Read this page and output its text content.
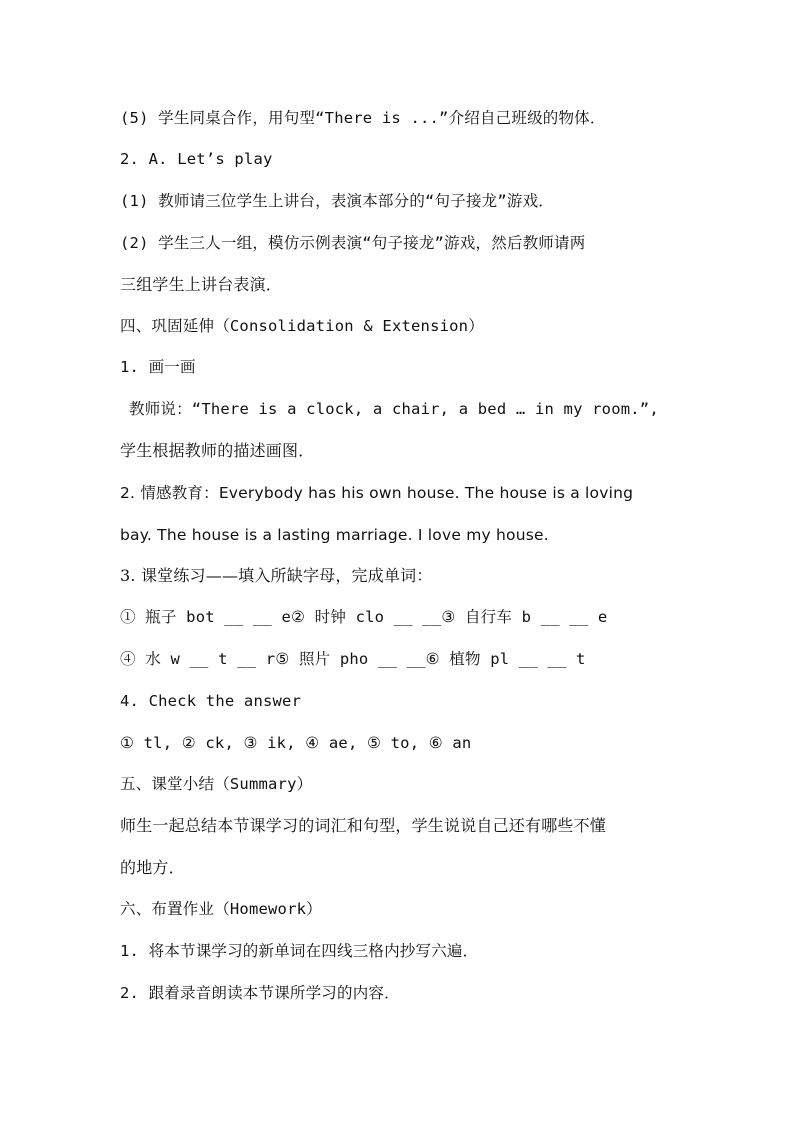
(5) 学生同桌合作，用句型“There is ...”介绍自己班级的物体．
2. A. Let’s play
(1) 教师请三位学生上讲台，表演本部分的“句子接龙”游戏．
(2) 学生三人一组，模仿示例表演“句子接龙”游戏，然后教师请两
三组学生上讲台表演．
四、巩固延伸（Consolidation & Extension）
1. 画一画
教师说：“There is a clock, a chair, a bed … in my room.”,
学生根据教师的描述画图．
2. 情感教育：Everybody has his own house. The house is a loving
bay. The house is a lasting marriage. I love my house.
3. 课堂练习——填入所缺字母，完成单词：
① 瓶子 bot __ __ e② 时钟 clo __ __③ 自行车 b __ __ e
④ 水 w __ t __ r⑤ 照片 pho __ __⑥ 植物 pl __ __ t
4. Check the answer
① tl, ② ck, ③ ik, ④ ae, ⑤ to, ⑥ an
五、课堂小结（Summary）
师生一起总结本节课学习的词汇和句型，学生说说自己还有哪些不懂
的地方．
六、布置作业（Homework）
1. 将本节课学习的新单词在四线三格内抄写六遍．
2. 跟着录音朗读本节课所学习的内容．
